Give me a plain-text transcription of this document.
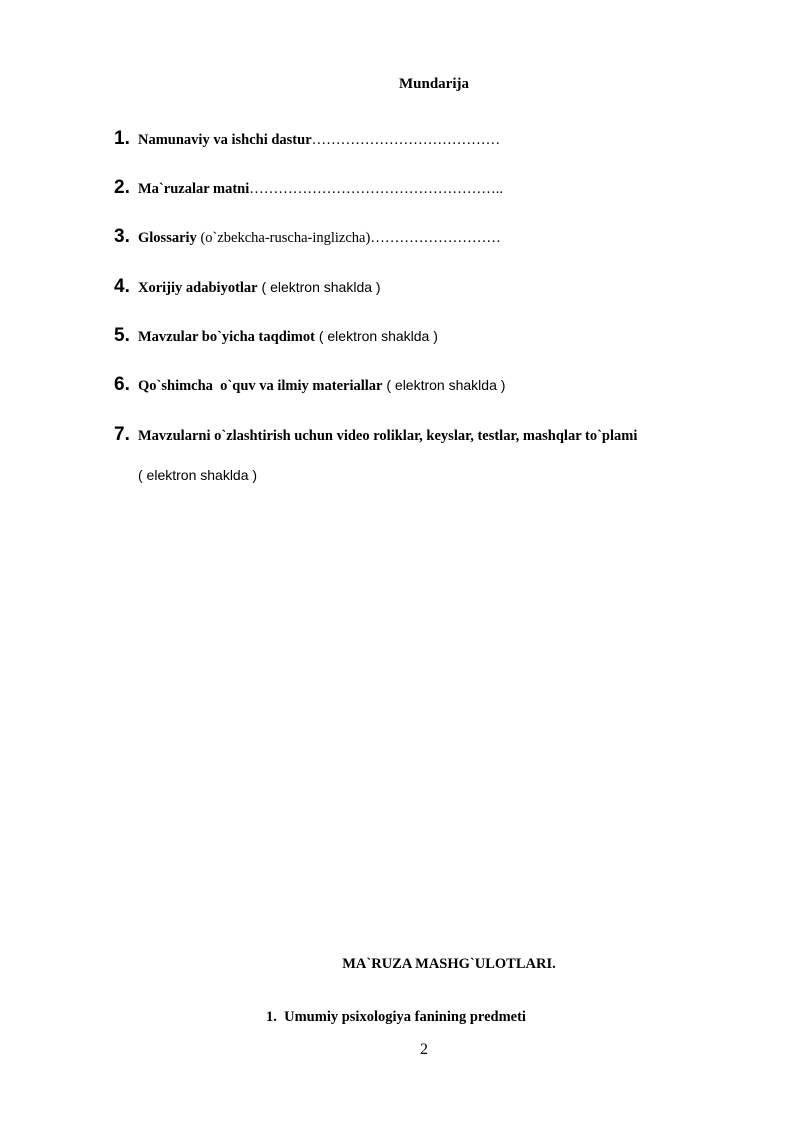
Mundarija
1. Namunaviy va ishchi dastur…………………………………
2. Ma`ruzalar matni……………………………………………..
3. Glossariy (o`zbekcha-ruscha-inglizcha)………………………
4. Xorijiy adabiyotlar ( elektron shaklda )
5. Mavzular bo`yicha taqdimot ( elektron shaklda )
6. Qo`shimcha  o`quv va ilmiy materiallar ( elektron shaklda )
7. Mavzularni o`zlashtirish uchun video roliklar, keyslar, testlar, mashqlar to`plami
( elektron shaklda )
MA`RUZA MASHG`ULOTLARI.
1.  Umumiy psixologiya fanining predmeti
2
